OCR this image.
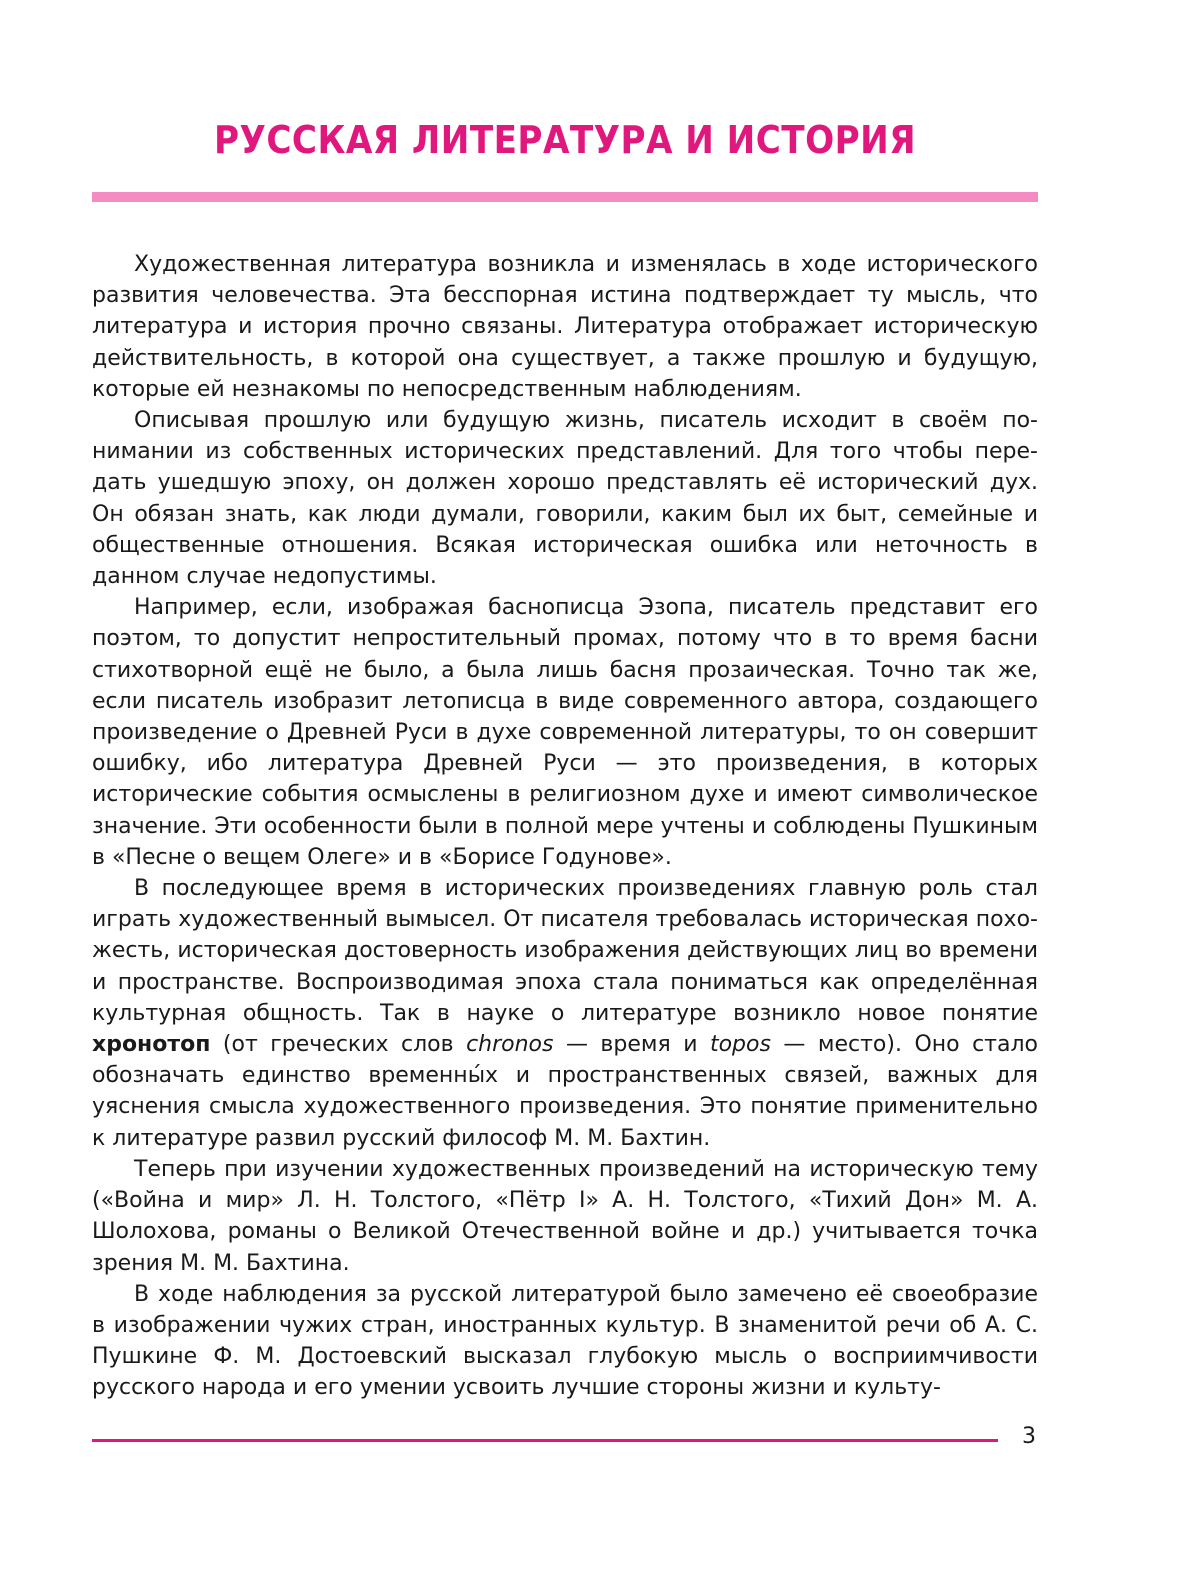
РУССКАЯ ЛИТЕРАТУРА И ИСТОРИЯ

Художественная литература возникла и изменялась в ходе исторического развития человечества. Эта бесспорная истина подтверждает ту мысль, что литература и история прочно связаны. Литература отображает историческую действительность, в которой она существует, а также прошлую и будущую, которые ей незнакомы по непосредственным наблюдениям.

Описывая прошлую или будущую жизнь, писатель исходит в своём понимании из собственных исторических представлений. Для того чтобы передать ушедшую эпоху, он должен хорошо представлять её исторический дух. Он обязан знать, как люди думали, говорили, каким был их быт, семейные и общественные отношения. Всякая историческая ошибка или неточность в данном случае недопустимы.

Например, если, изображая баснописца Эзопа, писатель представит его поэтом, то допустит непростительный промах, потому что в то время басни стихотворной ещё не было, а была лишь басня прозаическая. Точно так же, если писатель изобразит летописца в виде современного автора, создающего произведение о Древней Руси в духе современной литературы, то он совершит ошибку, ибо литература Древней Руси — это произведения, в которых исторические события осмыслены в религиозном духе и имеют символическое значение. Эти особенности были в полной мере учтены и соблюдены Пушкиным в «Песне о вещем Олеге» и в «Борисе Годунове».

В последующее время в исторических произведениях главную роль стал играть художественный вымысел. От писателя требовалась историческая похожесть, историческая достоверность изображения действующих лиц во времени и пространстве. Воспроизводимая эпоха стала пониматься как определённая культурная общность. Так в науке о литературе возникло новое понятие хронотоп (от греческих слов chronos — время и topos — место). Оно стало обозначать единство временны́х и пространственных связей, важных для уяснения смысла художественного произведения. Это понятие применительно к литературе развил русский философ М. М. Бахтин.

Теперь при изучении художественных произведений на историческую тему («Война и мир» Л. Н. Толстого, «Пётр I» А. Н. Толстого, «Тихий Дон» М. А. Шолохова, романы о Великой Отечественной войне и др.) учитывается точка зрения М. М. Бахтина.

В ходе наблюдения за русской литературой было замечено её своеобразие в изображении чужих стран, иностранных культур. В знаменитой речи об А. С. Пушкине Ф. М. Достоевский высказал глубокую мысль о восприимчивости русского народа и его умении усвоить лучшие стороны жизни и культу-

3
